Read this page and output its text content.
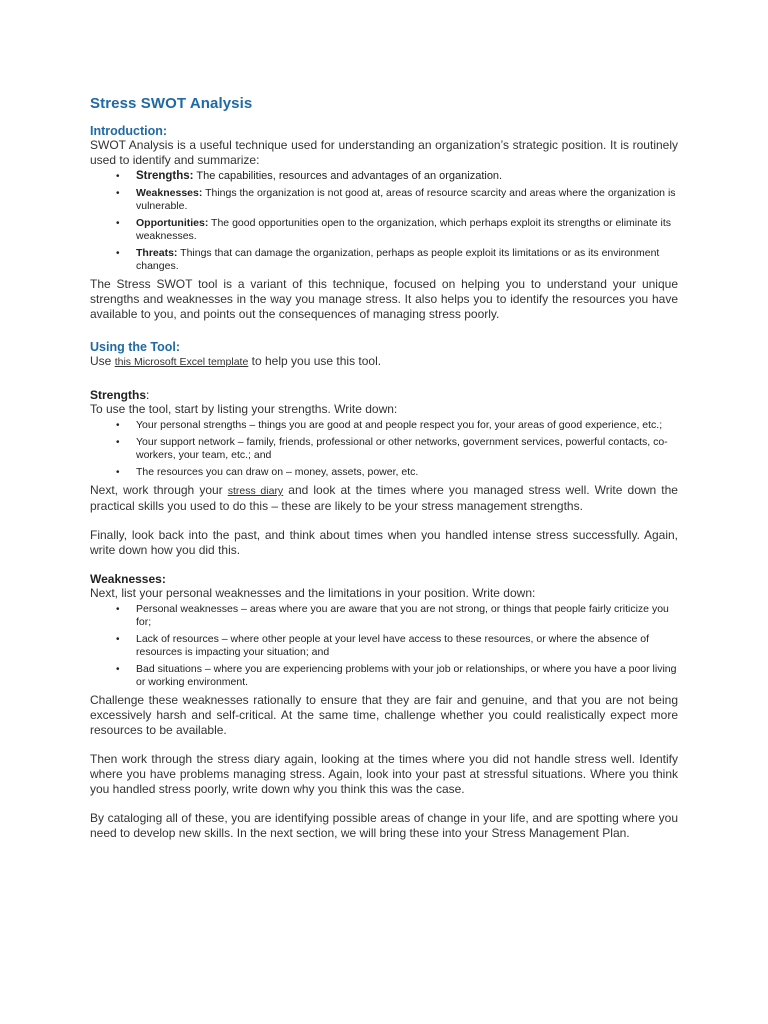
Stress SWOT Analysis
Introduction:

SWOT Analysis is a useful technique used for understanding an organization’s strategic position. It is routinely used to identify and summarize:

• Strengths: The capabilities, resources and advantages of an organization.
• Weaknesses: Things the organization is not good at, areas of resource scarcity and areas where the organization is vulnerable.
• Opportunities: The good opportunities open to the organization, which perhaps exploit its strengths or eliminate its weaknesses.
• Threats: Things that can damage the organization, perhaps as people exploit its limitations or as its environment changes.

The Stress SWOT tool is a variant of this technique, focused on helping you to understand your unique strengths and weaknesses in the way you manage stress. It also helps you to identify the resources you have available to you, and points out the consequences of managing stress poorly.

Using the Tool:

Use this Microsoft Excel template to help you use this tool.

Strengths:

To use the tool, start by listing your strengths. Write down:

• Your personal strengths – things you are good at and people respect you for, your areas of good experience, etc.;
• Your support network – family, friends, professional or other networks, government services, powerful contacts, co-workers, your team, etc.; and
• The resources you can draw on – money, assets, power, etc.

Next, work through your stress diary and look at the times where you managed stress well. Write down the practical skills you used to do this – these are likely to be your stress management strengths.

Finally, look back into the past, and think about times when you handled intense stress successfully. Again, write down how you did this.

Weaknesses:

Next, list your personal weaknesses and the limitations in your position. Write down:

• Personal weaknesses – areas where you are aware that you are not strong, or things that people fairly criticize you for;
• Lack of resources – where other people at your level have access to these resources, or where the absence of resources is impacting your situation; and
• Bad situations – where you are experiencing problems with your job or relationships, or where you have a poor living or working environment.

Challenge these weaknesses rationally to ensure that they are fair and genuine, and that you are not being excessively harsh and self-critical. At the same time, challenge whether you could realistically expect more resources to be available.

Then work through the stress diary again, looking at the times where you did not handle stress well. Identify where you have problems managing stress. Again, look into your past at stressful situations. Where you think you handled stress poorly, write down why you think this was the case.

By cataloging all of these, you are identifying possible areas of change in your life, and are spotting where you need to develop new skills. In the next section, we will bring these into your Stress Management Plan.
